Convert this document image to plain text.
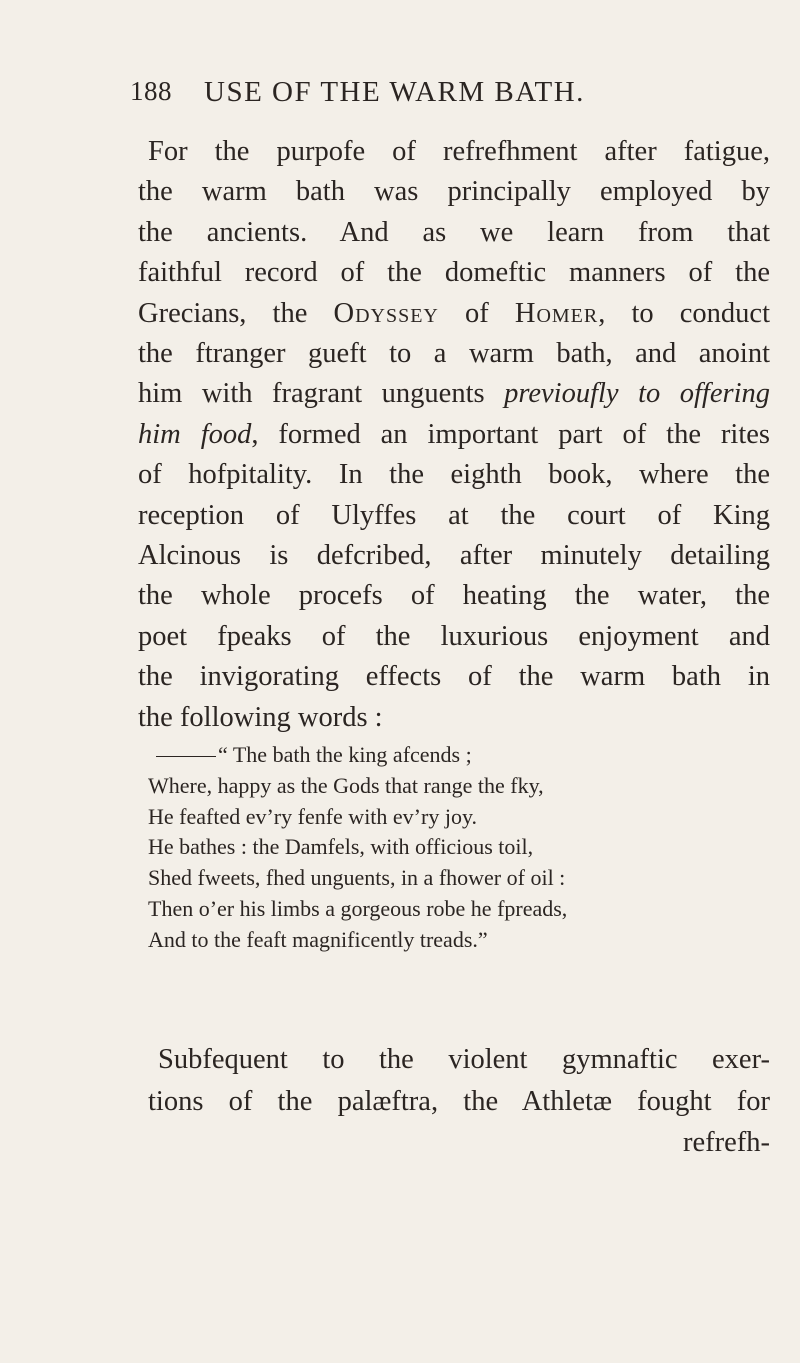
188 USE OF THE WARM BATH.
For the purpofe of refrefhment after fatigue,
the warm bath was principally employed by
the ancients. And as we learn from that
faithful record of the domeftic manners of the
Grecians, the Odyssey of Homer, to conduct
the ftranger gueft to a warm bath, and anoint
him with fragrant unguents previoufly to offering
him food, formed an important part of the rites
of hofpitality. In the eighth book, where the
reception of Ulyffes at the court of King
Alcinous is defcribed, after minutely detailing
the whole procefs of heating the water, the
poet fpeaks of the luxurious enjoyment and
the invigorating effects of the warm bath in
the following words :
“ The bath the king afcends ;
Where, happy as the Gods that range the fky,
He feafted ev’ry fenfe with ev’ry joy.
He bathes : the Damfels, with officious toil,
Shed fweets, fhed unguents, in a fhower of oil :
Then o’er his limbs a gorgeous robe he fpreads,
And to the feaft magnificently treads.”
Subfequent to the violent gymnaftic exer-
tions of the palæftra, the Athletæ fought for
refrefh-
